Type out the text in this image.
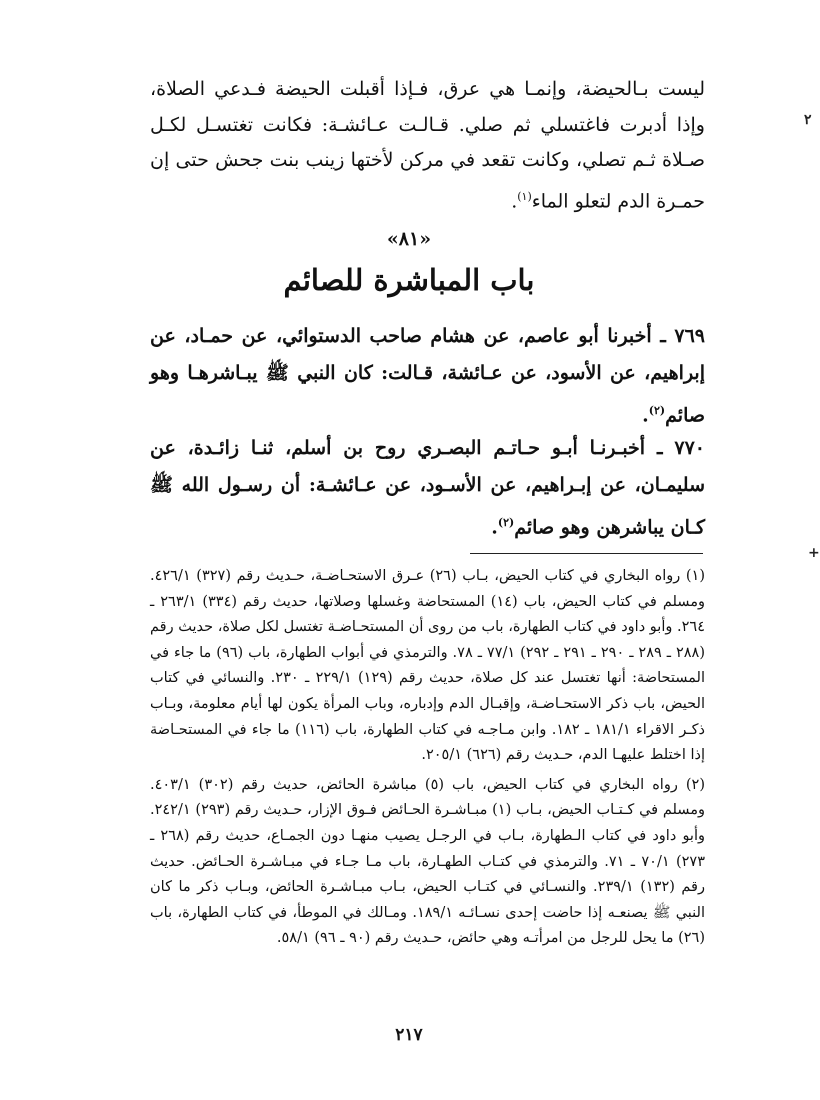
٢
+
ليست بـالحيضة، وإنمـا هي عرق، فـإذا أقبلت الحيضة فـدعي الصلاة، وإذا أدبرت فاغتسلي ثم صلي. قـالـت عـائشـة: فكانت تغتسـل لكـل صـلاة ثـم تصلي، وكانت تقعد في مركن لأختها زينب بنت جحش حتى إن حمـرة الدم لتعلو الماء$^{(١)}$.
«٨١»
باب المباشرة للصائم
٧٦٩ ـ أخبرنا أبو عاصم، عن هشام صاحب الدستوائي، عن حمـاد، عن إبراهيم، عن الأسود، عن عـائشة، قـالت: كان النبي ﷺ يبـاشرهـا وهو صائم$^{(٢)}$.
٧٧٠ ـ أخبـرنـا أبـو حـاتـم البصـري روح بن أسلم، ثنـا زائـدة، عن سليمـان، عن إبـراهيم، عن الأسـود، عن عـائشـة: أن رسـول الله ﷺ كـان يباشرهن وهو صائم$^{(٢)}$.

(١) رواه البخاري في كتاب الحيض، بـاب (٢٦) عـرق الاستحـاضـة، حـديث رقم (٣٢٧) ٤٢٦/١. ومسلم في كتاب الحيض، باب (١٤) المستحاضة وغسلها وصلاتها، حديث رقم (٣٣٤) ٢٦٣/١ ـ ٢٦٤. وأبو داود في كتاب الطهارة، باب من روى أن المستحـاضـة تغتسل لكل صلاة، حديث رقم (٢٨٨ ـ ٢٨٩ ـ ٢٩٠ ـ ٢٩١ ـ ٢٩٢) ٧٧/١ ـ ٧٨. والترمذي في أبواب الطهارة، باب (٩٦) ما جاء في المستحاضة: أنها تغتسل عند كل صلاة، حديث رقم (١٢٩) ٢٢٩/١ ـ ٢٣٠. والنسائي في كتاب الحيض، باب ذكر الاستحـاضـة، وإقبـال الدم وإدباره، وباب المرأة يكون لها أيام معلومة، وبـاب ذكـر الاقراء ١٨١/١ ـ ١٨٢. وابن مـاجـه في كتاب الطهارة، باب (١١٦) ما جاء في المستحـاضة إذا اختلط عليهـا الدم، حـديث رقم (٦٢٦) ٢٠٥/١.

(٢) رواه البخاري في كتاب الحيض، باب (٥) مباشرة الحائض، حديث رقم (٣٠٢) ٤٠٣/١. ومسلم في كـتـاب الحيض، بـاب (١) مبـاشـرة الحـائض فـوق الإزار، حـديث رقم (٢٩٣) ٢٤٢/١. وأبو داود في كتاب الـطهارة، بـاب في الرجـل يصيب منهـا دون الجمـاع، حديث رقم (٢٦٨ ـ ٢٧٣) ٧٠/١ ـ ٧١. والترمذي في كتـاب الطهـارة، باب مـا جـاء في مبـاشـرة الحـائض. حديث رقم (١٣٢) ٢٣٩/١. والنسـائي في كتـاب الحيض، بـاب مبـاشـرة الحائض، وبـاب ذكر ما كان النبي ﷺ يصنعـه إذا حاضت إحدى نسـائـه ١٨٩/١. ومـالك في الموطأ، في كتاب الطهارة، باب (٢٦) ما يحل للرجل من امرأتـه وهي حائض، حـديث رقم (٩٠ ـ ٩٦) ٥٨/١.

٢١٧
